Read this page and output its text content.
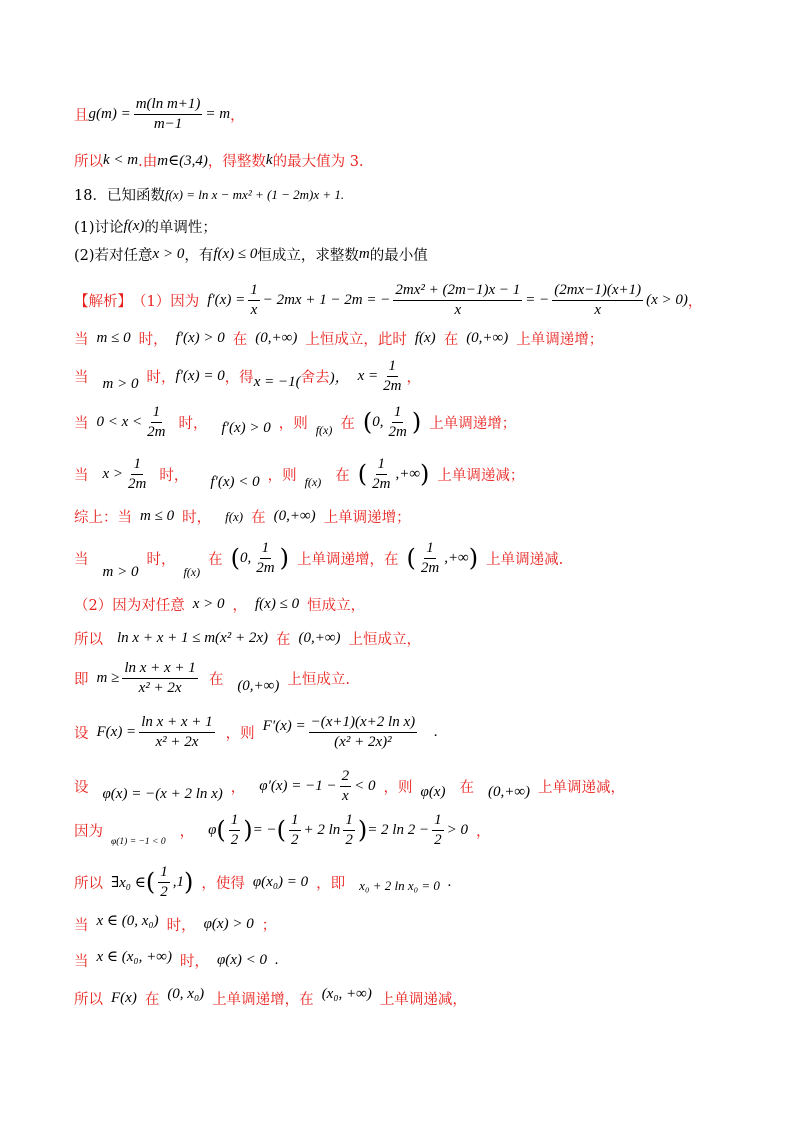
且 $g(m) = \frac{\text{m(ln m+1)}}{m-1} = m$ ，
所以 k < m .由 m∈(3,4) ，得整数 k 的最大值为 3.
18．已知函数 f(x) = ln x − mx² + (1 − 2m)x + 1.
(1)讨论 f(x) 的单调性；
(2)若对任意 x > 0 ，有 f(x) ≤ 0 恒成立，求整数 m 的最小值
【解析】 （1）因为 $f'(x) = \frac{1}{x} - 2mx + 1 - 2m$ = − $\frac{\text{2mx² + (2m−1)x − 1}}{x}$ = − $\frac{(2mx-1)(x+1)}{x} (x > 0)$ ，
当 m ≤ 0 时， f′(x) > 0 在 (0,+∞) 上恒成立，此时 f(x) 在 (0,+∞) 上单调递增；
当 m > 0 时， f′(x) = 0 ，得 x = −1( 舍去 )， $x = \frac{1}{2m}$ ，
当 $0 < x < \frac{1}{2m}$ 时， f′(x) > 0 ，则 f(x) 在 ( 0, $\frac{1}{2m}$ ) 上单调递增；
当 $x > \frac{1}{2m}$ 时， f′(x) < 0 ，则 f(x) 在 ( $\frac{1}{2m}$ ,+∞ ) 上单调递减；
综上：当 m ≤ 0 时， f(x) 在 (0,+∞) 上单调递增；
当
m > 0
时，
f(x)
在 ( 0, $\frac{1}{2m}$ ) 上单调递增，在 ( $\frac{1}{2m}$ ,+∞ ) 上单调递减.
（2）因为对任意 x > 0 ， f(x) ≤ 0 恒成立，
所以 ln x + x + 1 ≤ m(x² + 2x) 在 (0,+∞) 上恒成立，
即 $m \ge \frac{\text{ln x + x + 1}}{\text{x² + 2x}}$ 在 (0,+∞) 上恒成立.
设 $F(x) = \frac{\text{ln x + x + 1}}{\text{x² + 2x}}$ ，则 $F'(x) = \frac{\text{−(x+1)(x+2 ln x)}}{\text{(x² + 2x)²}}$ .
设 φ(x) = −(x + 2 ln x) ， $\varphi'(x) = -1 - \frac{2}{x} < 0$ ，则 φ(x) 在 (0,+∞) 上单调递减，
因为
φ(1) = −1 < 0
， φ ( $\frac{1}{2}$ ) = − ( $\frac{1}{2} + 2$ $\ln \frac{1}{2}$ ) = 2 $\ln 2 - \frac{1}{2} > 0$ ，
所以 ∃x₀ ∈ ( $\frac{1}{2} ,1$ ) ，使得 φ(x₀) = 0 ，即 x₀ + 2 ln x₀ = 0 .
当 x ∈ (0, x₀) 时， φ(x) > 0 ；
当 x ∈ (x₀, +∞) 时， φ(x) < 0 .
所以 F(x) 在 (0, x₀) 上单调递增，在 (x₀, +∞) 上单调递减，
